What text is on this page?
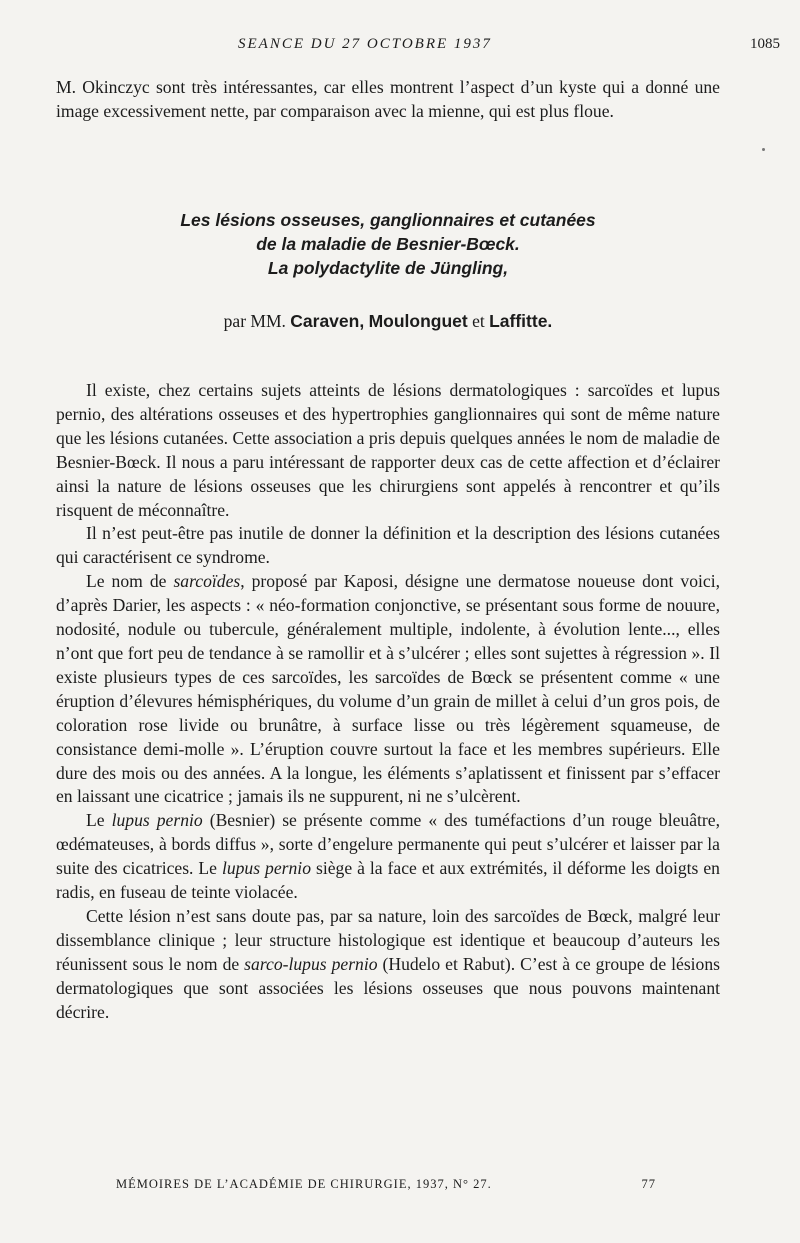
SEANCE DU 27 OCTOBRE 1937	1085

M. Okinczyc sont très intéressantes, car elles montrent l’aspect d’un kyste qui a donné une image excessivement nette, par comparaison avec la mienne, qui est plus floue.

Les lésions osseuses, ganglionnaires et cutanées
de la maladie de Besnier-Bœck.
La polydactylite de Jüngling,
par MM. Caraven, Moulonguet et Laffitte.

Il existe, chez certains sujets atteints de lésions dermatologiques : sarcoïdes et lupus pernio, des altérations osseuses et des hypertrophies ganglionnaires qui sont de même nature que les lésions cutanées. Cette association a pris depuis quelques années le nom de maladie de Besnier-Bœck. Il nous a paru intéressant de rapporter deux cas de cette affection et d’éclairer ainsi la nature de lésions osseuses que les chirurgiens sont appelés à rencontrer et qu’ils risquent de méconnaître.

Il n’est peut-être pas inutile de donner la définition et la description des lésions cutanées qui caractérisent ce syndrome.

Le nom de sarcoïdes, proposé par Kaposi, désigne une dermatose noueuse dont voici, d’après Darier, les aspects : « néo-formation conjonctive, se présentant sous forme de nouure, nodosité, nodule ou tubercule, généralement multiple, indolente, à évolution lente..., elles n’ont que fort peu de tendance à se ramollir et à s’ulcérer ; elles sont sujettes à régression ». Il existe plusieurs types de ces sarcoïdes, les sarcoïdes de Bœck se présentent comme « une éruption d’élevures hémisphériques, du volume d’un grain de millet à celui d’un gros pois, de coloration rose livide ou brunâtre, à surface lisse ou très légèrement squameuse, de consistance demi-molle ». L’éruption couvre surtout la face et les membres supérieurs. Elle dure des mois ou des années. A la longue, les éléments s’aplatissent et finissent par s’effacer en laissant une cicatrice ; jamais ils ne suppurent, ni ne s’ulcèrent.

Le lupus pernio (Besnier) se présente comme « des tuméfactions d’un rouge bleuâtre, œdémateuses, à bords diffus », sorte d’engelure permanente qui peut s’ulcérer et laisser par la suite des cicatrices. Le lupus pernio siège à la face et aux extrémités, il déforme les doigts en radis, en fuseau de teinte violacée.

Cette lésion n’est sans doute pas, par sa nature, loin des sarcoïdes de Bœck, malgré leur dissemblance clinique ; leur structure histologique est identique et beaucoup d’auteurs les réunissent sous le nom de sarco-lupus pernio (Hudelo et Rabut). C’est à ce groupe de lésions dermatologiques que sont associées les lésions osseuses que nous pouvons maintenant décrire.

MÉMOIRES DE L’ACADÉMIE DE CHIRURGIE, 1937, N° 27.	77
